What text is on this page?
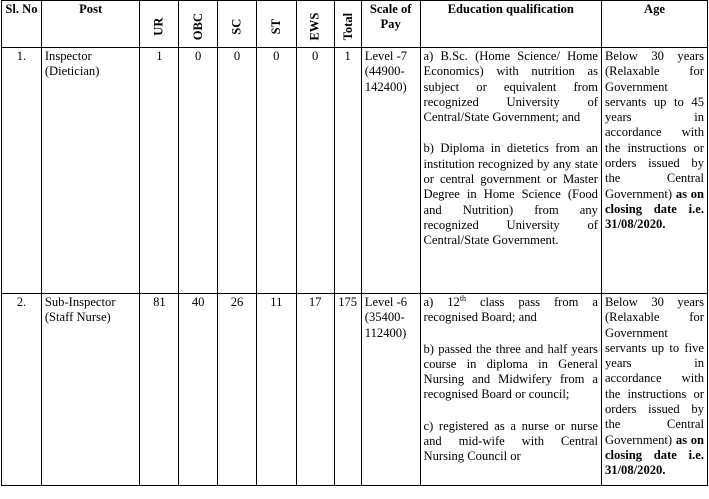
Sl. No	Post	UR	OBC	SC	ST	EWS	Total	Scale of Pay	Education qualification	Age
1.	Inspector (Dietician)	1	0	0	0	0	1	Level -7 (44900-142400)	a) B.Sc. (Home Science/ Home Economics) with nutrition as subject or equivalent from recognized University of Central/State Government; and

b) Diploma in dietetics from an institution recognized by any state or central government or Master Degree in Home Science (Food and Nutrition) from any recognized University of Central/State Government.	Below 30 years (Relaxable for Government servants up to 45 years in accordance with the instructions or orders issued by the Central Government) as on closing date i.e. 31/08/2020.
2.	Sub-Inspector (Staff Nurse)	81	40	26	11	17	175	Level -6 (35400-112400)	a) 12th class pass from a recognised Board; and

b) passed the three and half years course in diploma in General Nursing and Midwifery from a recognised Board or council;

c) registered as a nurse or nurse and mid-wife with Central Nursing Council or	Below 30 years (Relaxable for Government servants up to five years in accordance with the instructions or orders issued by the Central Government) as on closing date i.e. 31/08/2020.
